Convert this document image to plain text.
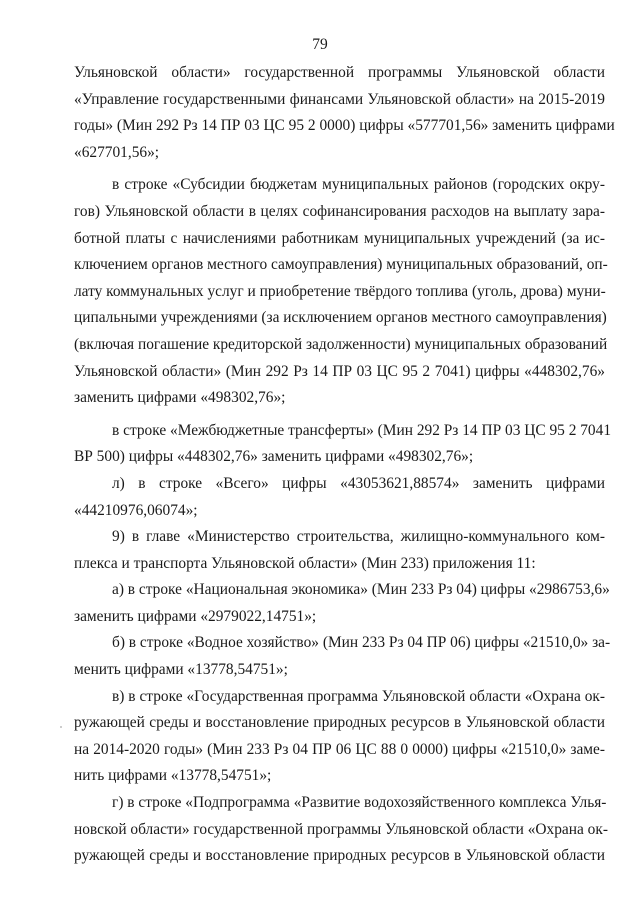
79
Ульяновской области» государственной программы Ульяновской области
«Управление государственными финансами Ульяновской области» на 2015-2019
годы» (Мин 292 Рз 14 ПР 03 ЦС 95 2 0000) цифры «577701,56» заменить цифрами
«627701,56»;
в строке «Субсидии бюджетам муниципальных районов (городских окру-
гов) Ульяновской области в целях софинансирования расходов на выплату зара-
ботной платы с начислениями работникам муниципальных учреждений (за ис-
ключением органов местного самоуправления) муниципальных образований, оп-
лату коммунальных услуг и приобретение твёрдого топлива (уголь, дрова) муни-
ципальными учреждениями (за исключением органов местного самоуправления)
(включая погашение кредиторской задолженности) муниципальных образований
Ульяновской области» (Мин 292 Рз 14 ПР 03 ЦС 95 2 7041) цифры «448302,76»
заменить цифрами «498302,76»;
в строке «Межбюджетные трансферты» (Мин 292 Рз 14 ПР 03 ЦС 95 2 7041
ВР 500) цифры «448302,76» заменить цифрами «498302,76»;
л) в строке «Всего» цифры «43053621,88574» заменить цифрами
«44210976,06074»;
9) в главе «Министерство строительства, жилищно-коммунального ком-
плекса и транспорта Ульяновской области» (Мин 233) приложения 11:
а) в строке «Национальная экономика» (Мин 233 Рз 04) цифры «2986753,6»
заменить цифрами «2979022,14751»;
б) в строке «Водное хозяйство» (Мин 233 Рз 04 ПР 06) цифры «21510,0» за-
менить цифрами «13778,54751»;
в) в строке «Государственная программа Ульяновской области «Охрана ок-
ружающей среды и восстановление природных ресурсов в Ульяновской области
на 2014-2020 годы» (Мин 233 Рз 04 ПР 06 ЦС 88 0 0000) цифры «21510,0» заме-
нить цифрами «13778,54751»;
г) в строке «Подпрограмма «Развитие водохозяйственного комплекса Улья-
новской области» государственной программы Ульяновской области «Охрана ок-
ружающей среды и восстановление природных ресурсов в Ульяновской области
